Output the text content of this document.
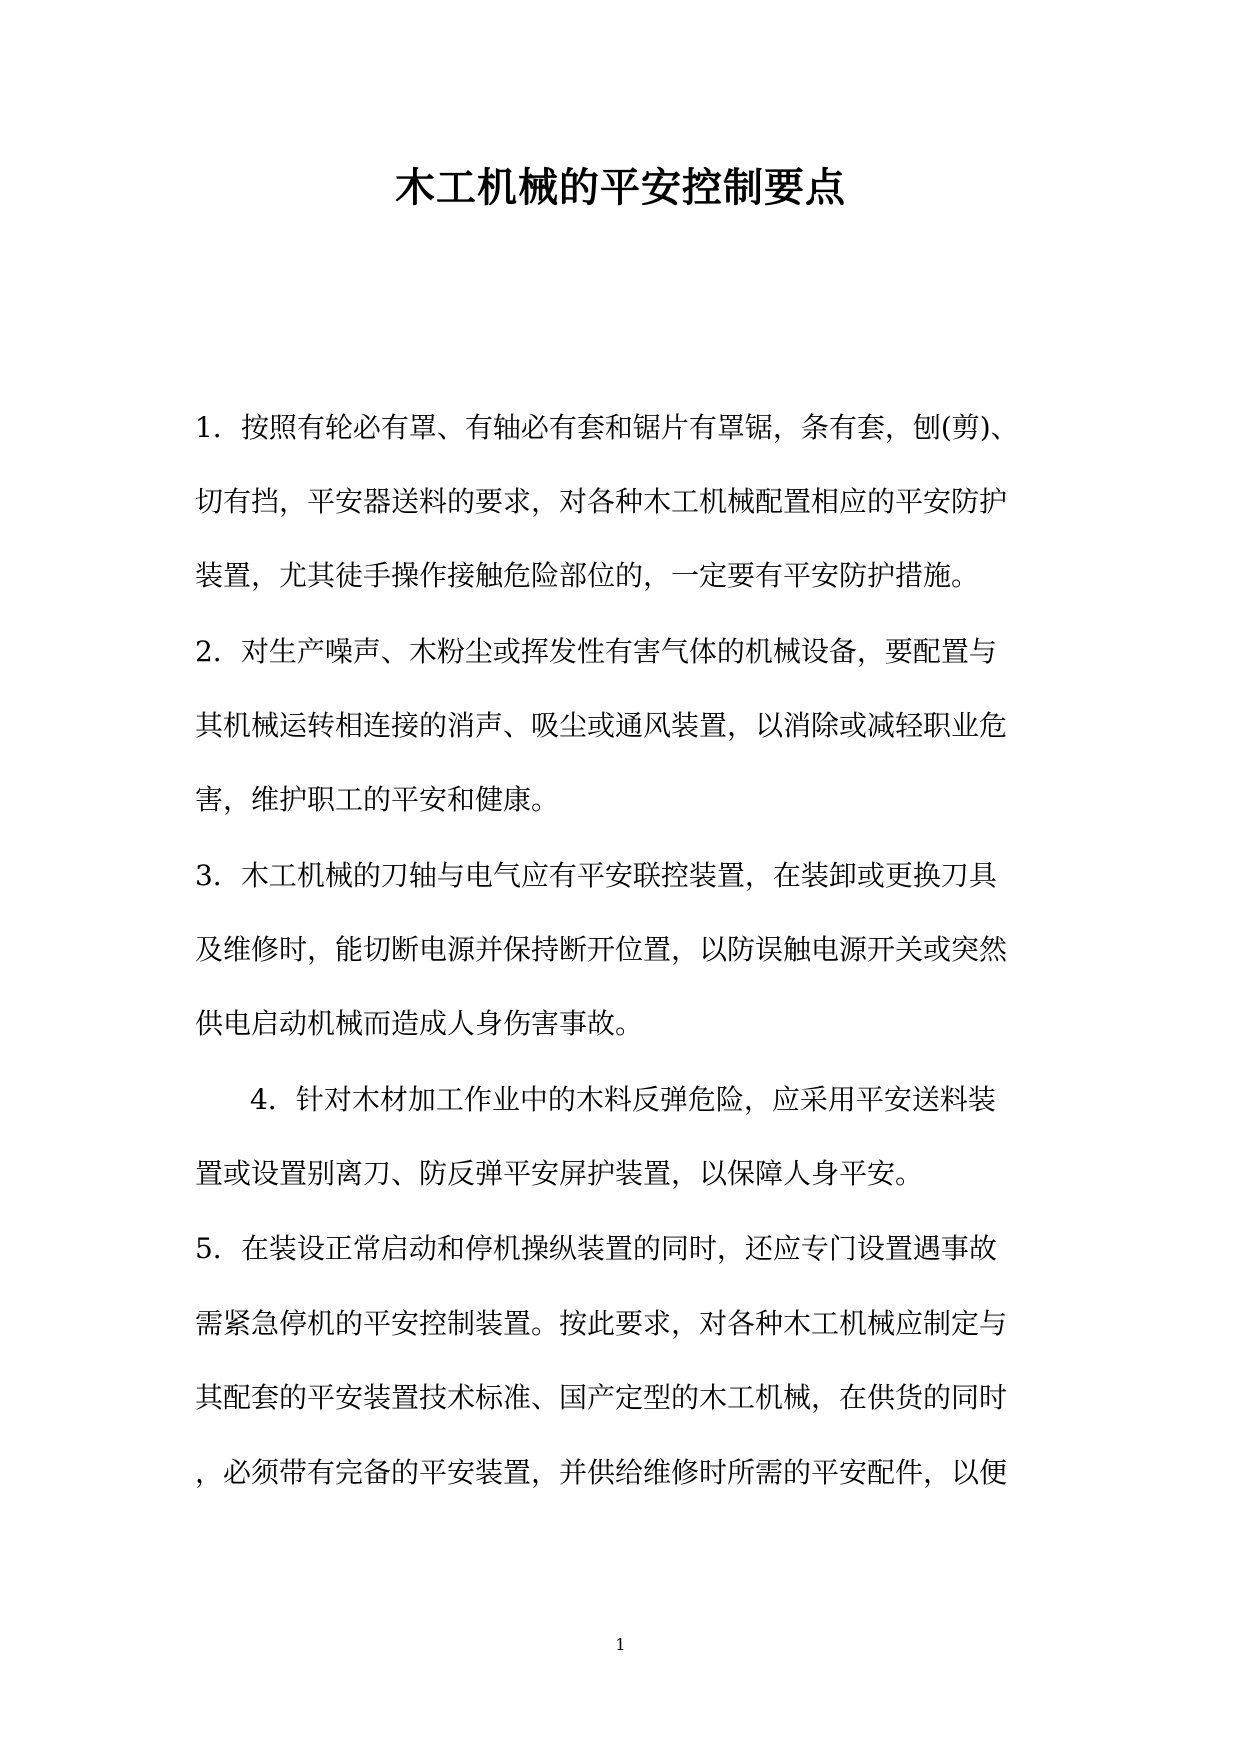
木工机械的平安控制要点
1．按照有轮必有罩、有轴必有套和锯片有罩锯，条有套，刨(剪)、
切有挡，平安器送料的要求，对各种木工机械配置相应的平安防护
装置，尤其徒手操作接触危险部位的，一定要有平安防护措施。
2．对生产噪声、木粉尘或挥发性有害气体的机械设备，要配置与
其机械运转相连接的消声、吸尘或通风装置，以消除或减轻职业危
害，维护职工的平安和健康。
3．木工机械的刀轴与电气应有平安联控装置，在装卸或更换刀具
及维修时，能切断电源并保持断开位置，以防误触电源开关或突然
供电启动机械而造成人身伤害事故。
4．针对木材加工作业中的木料反弹危险，应采用平安送料装
置或设置别离刀、防反弹平安屏护装置，以保障人身平安。
5．在装设正常启动和停机操纵装置的同时，还应专门设置遇事故
需紧急停机的平安控制装置。按此要求，对各种木工机械应制定与
其配套的平安装置技术标准、国产定型的木工机械，在供货的同时
，必须带有完备的平安装置，并供给维修时所需的平安配件，以便
1
